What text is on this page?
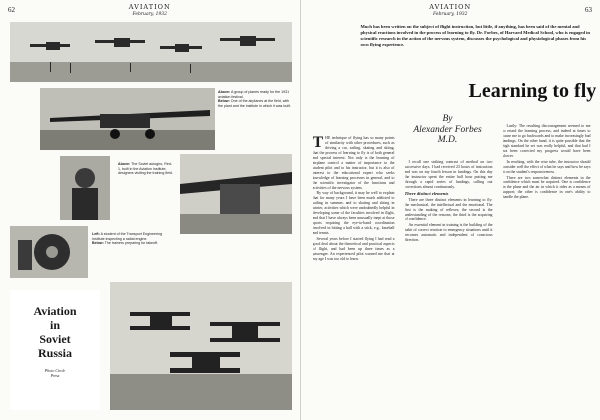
62	AVIATION
February, 1932
Above: A group of planes ready for the 1931 aviation festival.
Below: One of the airplanes at the field, with the plant and the institute in which it was built.
Above: The Soviet autogiro, Red-1, built in the Aviation Institute, designers visiting the training field.
Left: A student of the Transport Engineering Institute inspecting a radial engine.
Below: The trainers preparing for takeoff.
Aviation
in
Soviet
Russia
Photo Circle
Press
AVIATION
February, 1932
63
Much has been written on the subject of flight instruction, but little, if anything, has been said of the mental and physical reactions involved in the process of learning to fly. Dr. Forbes, of Harvard Medical School, who is engaged in scientific research in the action of the nervous system, discusses the psychological and physiological phases from his own flying experience.
Learning to fly
By
Alexander Forbes
M.D.

THE technique of flying has so many points of similarity with other procedures, such as driving a car, sailing, skating and skiing, that the process of learning to fly is of both general and special interest. Not only is the learning of airplane control a matter of importance to the student pilot and to his instructor, but it is also of interest to the educational expert who seeks knowledge of learning processes in general, and to the scientific investigator of the functions and activities of the nervous system.

By way of background, it may be well to explain that for many years I have been much addicted to sailing in summer, and to skating and skiing in winter, activities which were undoubtedly helpful in developing some of the faculties involved in flight, and that I have always been unusually inept at those sports requiring the eye-to-hand coordination involved in hitting a ball with a stick, e.g., baseball and tennis.

Several years before I started flying I had read a good deal about the theoretical and practical aspects of flight, and had been up three times as a passenger. An experienced pilot warned me that at my age I was too old to learn.

I recall one striking contrast of method on two successive days. I had received 23 hours of instruction and was on my fourth lesson in landings. On this day the instructor spent the entire half hour putting me through a rapid series of landings, calling out corrections almost continuously.

Three distinct elements

There are three distinct elements in learning to fly: the mechanical, the intellectual and the emotional. The first is the making of reflexes; the second is the understanding of the reasons; the third is the acquiring of confidence.

An essential element in training is the building of the habit of correct reaction to emergency situations until it becomes automatic and independent of conscious direction.

Lastly: The resulting discouragement seemed to me to retard the learning process, and indeed at times to cause me to go backwards and to make increasingly bad landings. On the other hand, it is quite possible that the high standard he set was really helpful, and that had I not been corrected my progress would have been slower.

In reaching, with the wise tube, the instructor should consider well the effect of what he says and how he says it on the student's responsiveness.

There are two somewhat distinct elements in the confidence which must be acquired. One is confidence in the plane and the air in which it rides as a means of support; the other is confidence in one's ability to handle the plane.
